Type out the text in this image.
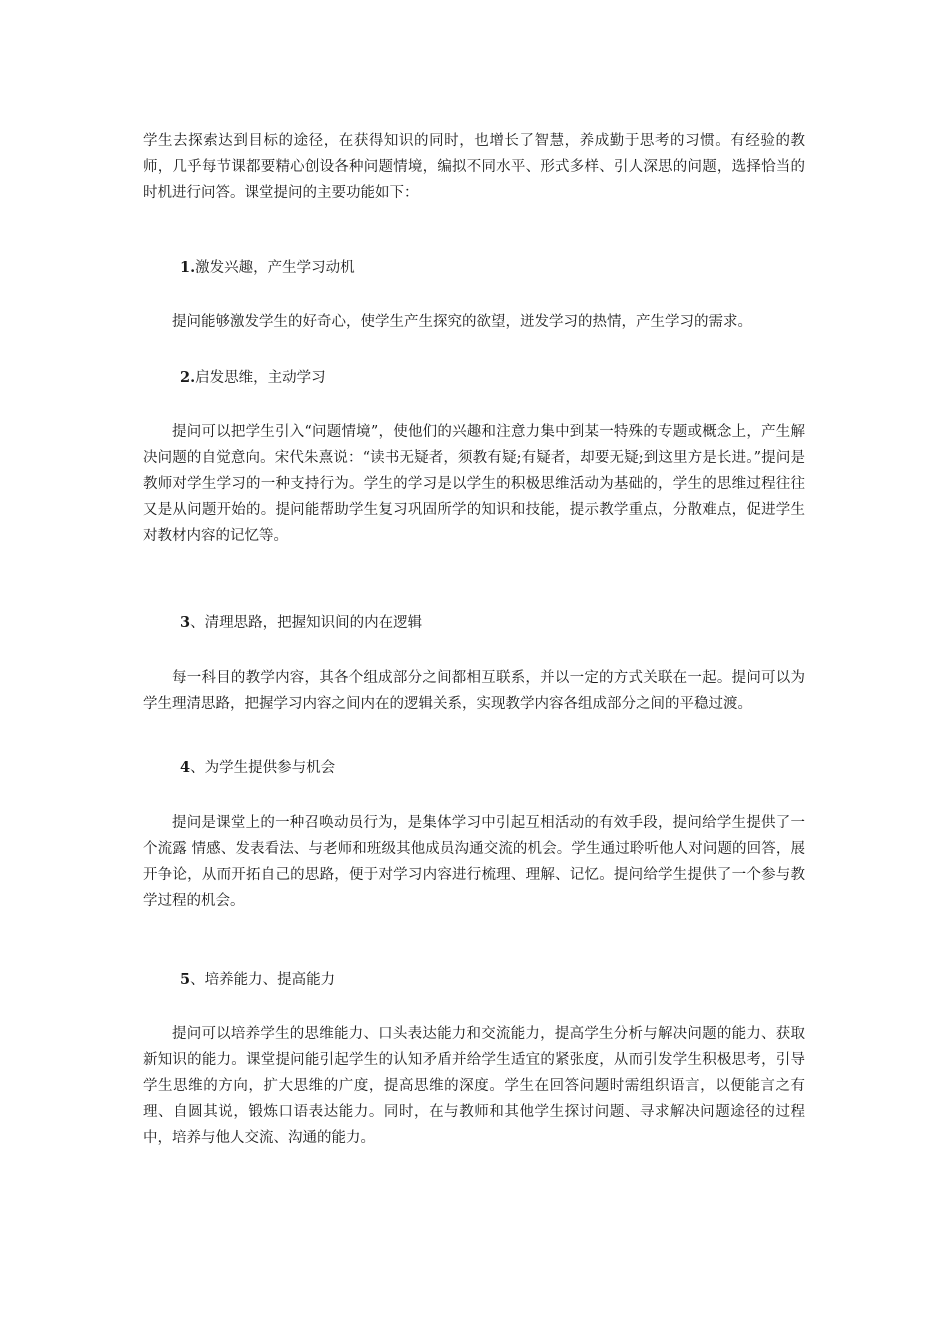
学生去探索达到目标的途径，在获得知识的同时，也增长了智慧，养成勤于思考的习惯。有经验的教师，几乎每节课都要精心创设各种问题情境，编拟不同水平、形式多样、引人深思的问题，选择恰当的时机进行问答。课堂提问的主要功能如下：

1.激发兴趣，产生学习动机

提问能够激发学生的好奇心，使学生产生探究的欲望，迸发学习的热情，产生学习的需求。

2.启发思维，主动学习

提问可以把学生引入“问题情境”，使他们的兴趣和注意力集中到某一特殊的专题或概念上，产生解决问题的自觉意向。宋代朱熹说：“读书无疑者，须教有疑;有疑者，却要无疑;到这里方是长进。”提问是教师对学生学习的一种支持行为。学生的学习是以学生的积极思维活动为基础的，学生的思维过程往往又是从问题开始的。提问能帮助学生复习巩固所学的知识和技能，提示教学重点，分散难点，促进学生对教材内容的记忆等。

3、清理思路，把握知识间的内在逻辑

每一科目的教学内容，其各个组成部分之间都相互联系，并以一定的方式关联在一起。提问可以为学生理清思路，把握学习内容之间内在的逻辑关系，实现教学内容各组成部分之间的平稳过渡。

4、为学生提供参与机会

提问是课堂上的一种召唤动员行为，是集体学习中引起互相活动的有效手段，提问给学生提供了一个流露 情感、发表看法、与老师和班级其他成员沟通交流的机会。学生通过聆听他人对问题的回答，展开争论，从而开拓自己的思路，便于对学习内容进行梳理、理解、记忆。提问给学生提供了一个参与教学过程的机会。

5、培养能力、提高能力

提问可以培养学生的思维能力、口头表达能力和交流能力，提高学生分析与解决问题的能力、获取新知识的能力。课堂提问能引起学生的认知矛盾并给学生适宜的紧张度，从而引发学生积极思考，引导学生思维的方向，扩大思维的广度，提高思维的深度。学生在回答问题时需组织语言，以便能言之有理、自圆其说，锻炼口语表达能力。同时，在与教师和其他学生探讨问题、寻求解决问题途径的过程中，培养与他人交流、沟通的能力。
